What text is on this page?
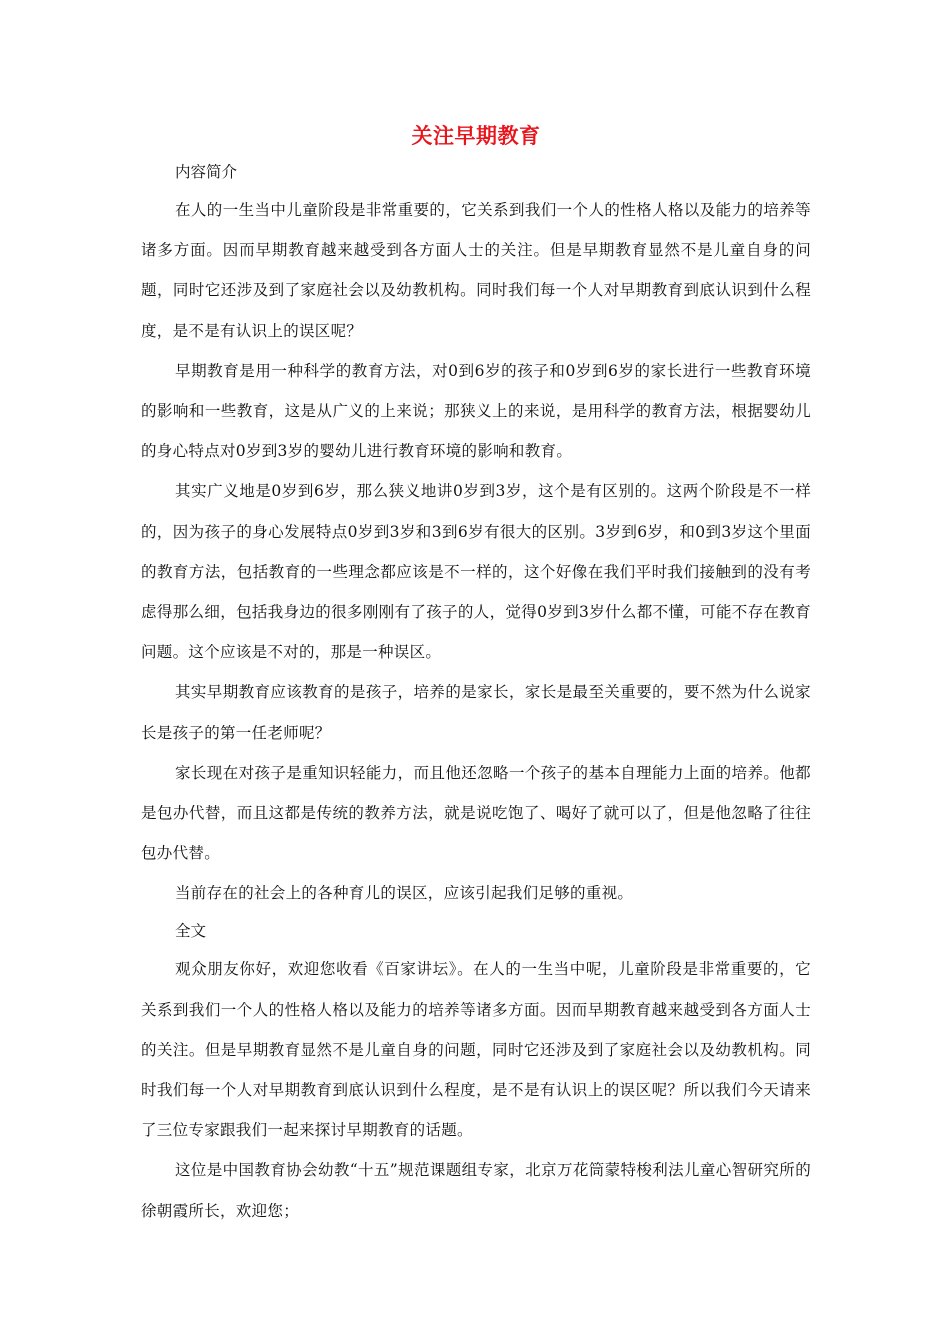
关注早期教育

内容简介

在人的一生当中儿童阶段是非常重要的，它关系到我们一个人的性格人格以及能力的培养等诸多方面。因而早期教育越来越受到各方面人士的关注。但是早期教育显然不是儿童自身的问题，同时它还涉及到了家庭社会以及幼教机构。同时我们每一个人对早期教育到底认识到什么程度，是不是有认识上的误区呢？

早期教育是用一种科学的教育方法，对0到6岁的孩子和0岁到6岁的家长进行一些教育环境的影响和一些教育，这是从广义的上来说；那狭义上的来说，是用科学的教育方法，根据婴幼儿的身心特点对0岁到3岁的婴幼儿进行教育环境的影响和教育。

其实广义地是0岁到6岁，那么狭义地讲0岁到3岁，这个是有区别的。这两个阶段是不一样的，因为孩子的身心发展特点0岁到3岁和3到6岁有很大的区别。3岁到6岁，和0到3岁这个里面的教育方法，包括教育的一些理念都应该是不一样的，这个好像在我们平时我们接触到的没有考虑得那么细，包括我身边的很多刚刚有了孩子的人，觉得0岁到3岁什么都不懂，可能不存在教育问题。这个应该是不对的，那是一种误区。

其实早期教育应该教育的是孩子，培养的是家长，家长是最至关重要的，要不然为什么说家长是孩子的第一任老师呢？

家长现在对孩子是重知识轻能力，而且他还忽略一个孩子的基本自理能力上面的培养。他都是包办代替，而且这都是传统的教养方法，就是说吃饱了、喝好了就可以了，但是他忽略了往往包办代替。

当前存在的社会上的各种育儿的误区，应该引起我们足够的重视。

全文

观众朋友你好，欢迎您收看《百家讲坛》。在人的一生当中呢，儿童阶段是非常重要的，它关系到我们一个人的性格人格以及能力的培养等诸多方面。因而早期教育越来越受到各方面人士的关注。但是早期教育显然不是儿童自身的问题，同时它还涉及到了家庭社会以及幼教机构。同时我们每一个人对早期教育到底认识到什么程度，是不是有认识上的误区呢？所以我们今天请来了三位专家跟我们一起来探讨早期教育的话题。

这位是中国教育协会幼教“十五”规范课题组专家，北京万花筒蒙特梭利法儿童心智研究所的徐朝霞所长，欢迎您；
